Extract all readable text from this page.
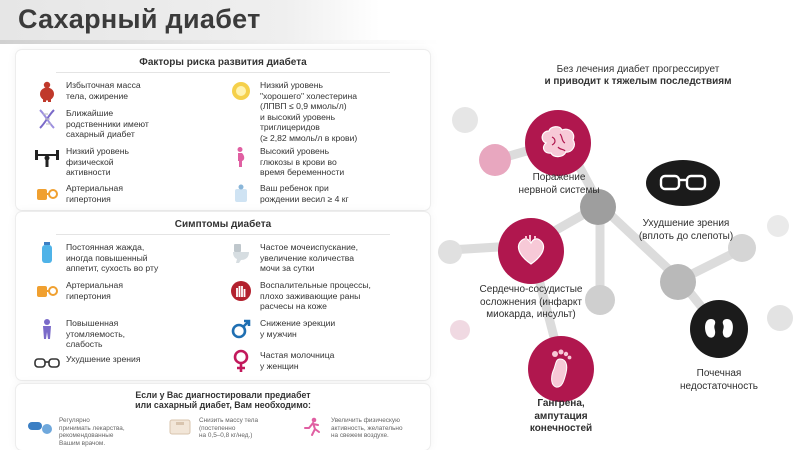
Сахарный диабет
Факторы риска развития диабета
Избыточная масса
тела, ожирение
Ближайшие
родственники имеют
сахарный диабет
Низкий уровень
физической
активности
Артериальная
гипертония
Низкий уровень
"хорошего" холестерина
(ЛПВП ≤ 0,9 ммоль/л)
и высокий уровень
триглицеридов
(≥ 2,82 ммоль/л в крови)
Высокий уровень
глюкозы в крови во
время беременности
Ваш ребенок при
рождении весил ≥ 4 кг
Симптомы диабета
Постоянная жажда,
иногда повышенный
аппетит, сухость во рту
Артериальная
гипертония
Повышенная
утомляемость,
слабость
Ухудшение зрения
Частое мочеиспускание,
увеличение количества
мочи за сутки
Воспалительные процессы,
плохо заживающие раны
расчесы на коже
Снижение эрекции
у мужчин
Частая молочница
у женщин
Если у Вас диагностировали предиабет
или сахарный диабет, Вам необходимо:
Регулярно
принимать лекарства,
рекомендованные
Вашим врачом.
Снизить массу тела
(постепенно
на 0,5–0,8 кг/нед.)
Увеличить физическую
активность, желательно
на свежем воздухе.

Без лечения диабет прогрессирует

и приводит к тяжелым последствиям

Поражение
нервной системы
Ухудшение зрения
(вплоть до слепоты)
Сердечно-сосудистые
осложнения (инфаркт
миокарда, инсульт)
Почечная
недостаточность
Гангрена,
ампутация
конечностей
